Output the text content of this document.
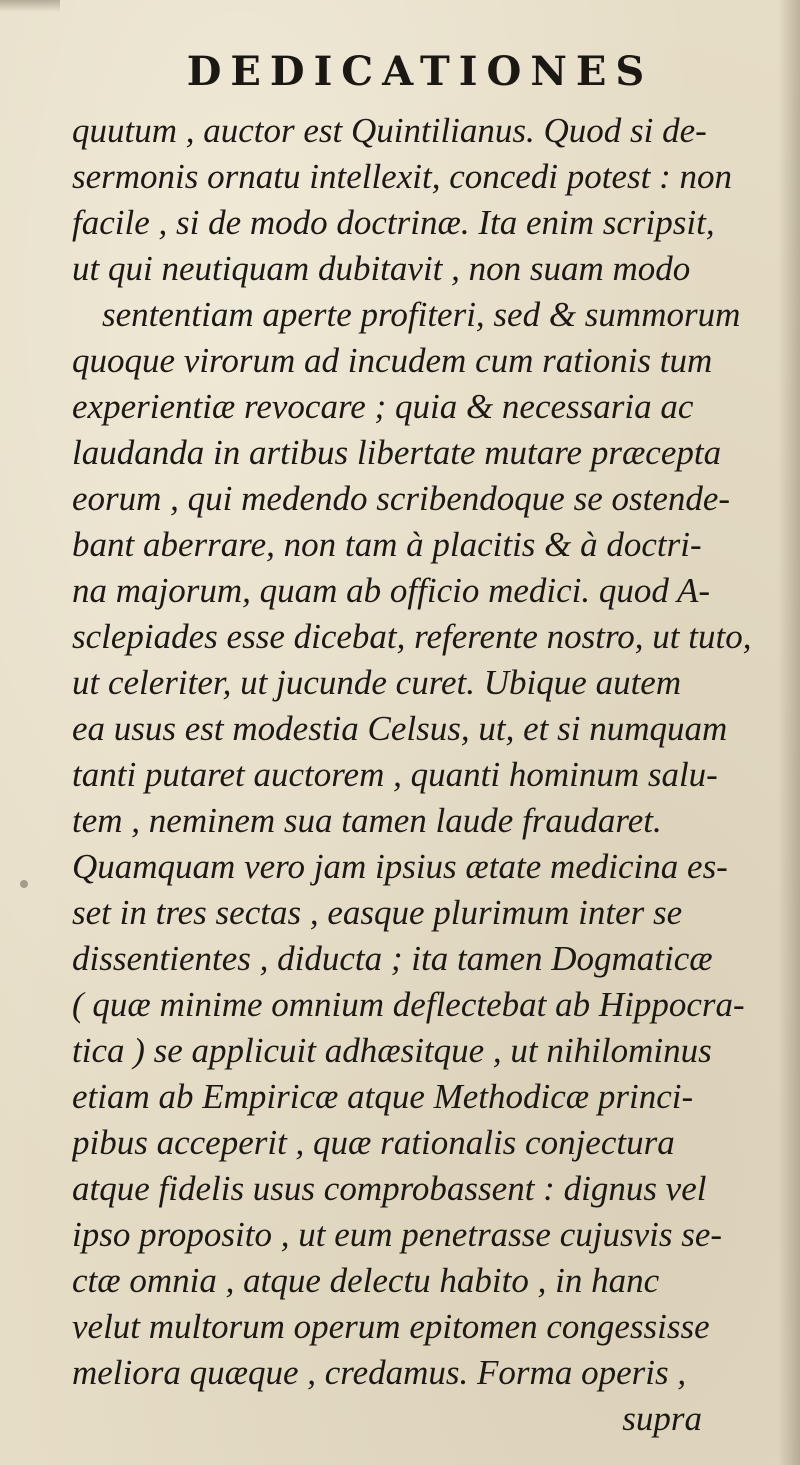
DEDICATIONES
quutum , auctor est Quintilianus. Quod si de-
sermonis ornatu intellexit, concedi potest : non
facile , si de modo doctrinæ. Ita enim scripsit,
ut qui neutiquam dubitavit , non suam modo
sententiam aperte profiteri, sed & summorum
quoque virorum ad incudem cum rationis tum
experientiæ revocare ; quia & necessaria ac
laudanda in artibus libertate mutare præcepta
eorum , qui medendo scribendoque se ostende-
bant aberrare, non tam à placitis & à doctri-
na majorum, quam ab officio medici. quod A-
sclepiades esse dicebat, referente nostro, ut tuto,
ut celeriter, ut jucunde curet. Ubique autem
ea usus est modestia Celsus, ut, et si numquam
tanti putaret auctorem , quanti hominum salu-
tem , neminem sua tamen laude fraudaret.
Quamquam vero jam ipsius ætate medicina es-
set in tres sectas , easque plurimum inter se
dissentientes , diducta ; ita tamen Dogmaticæ
( quæ minime omnium deflectebat ab Hippocra-
tica ) se applicuit adhæsitque , ut nihilominus
etiam ab Empiricæ atque Methodicæ princi-
pibus acceperit , quæ rationalis conjectura
atque fidelis usus comprobassent : dignus vel
ipso proposito , ut eum penetrasse cujusvis se-
ctæ omnia , atque delectu habito , in hanc
velut multorum operum epitomen congessisse
meliora quæque , credamus. Forma operis ,
supra
